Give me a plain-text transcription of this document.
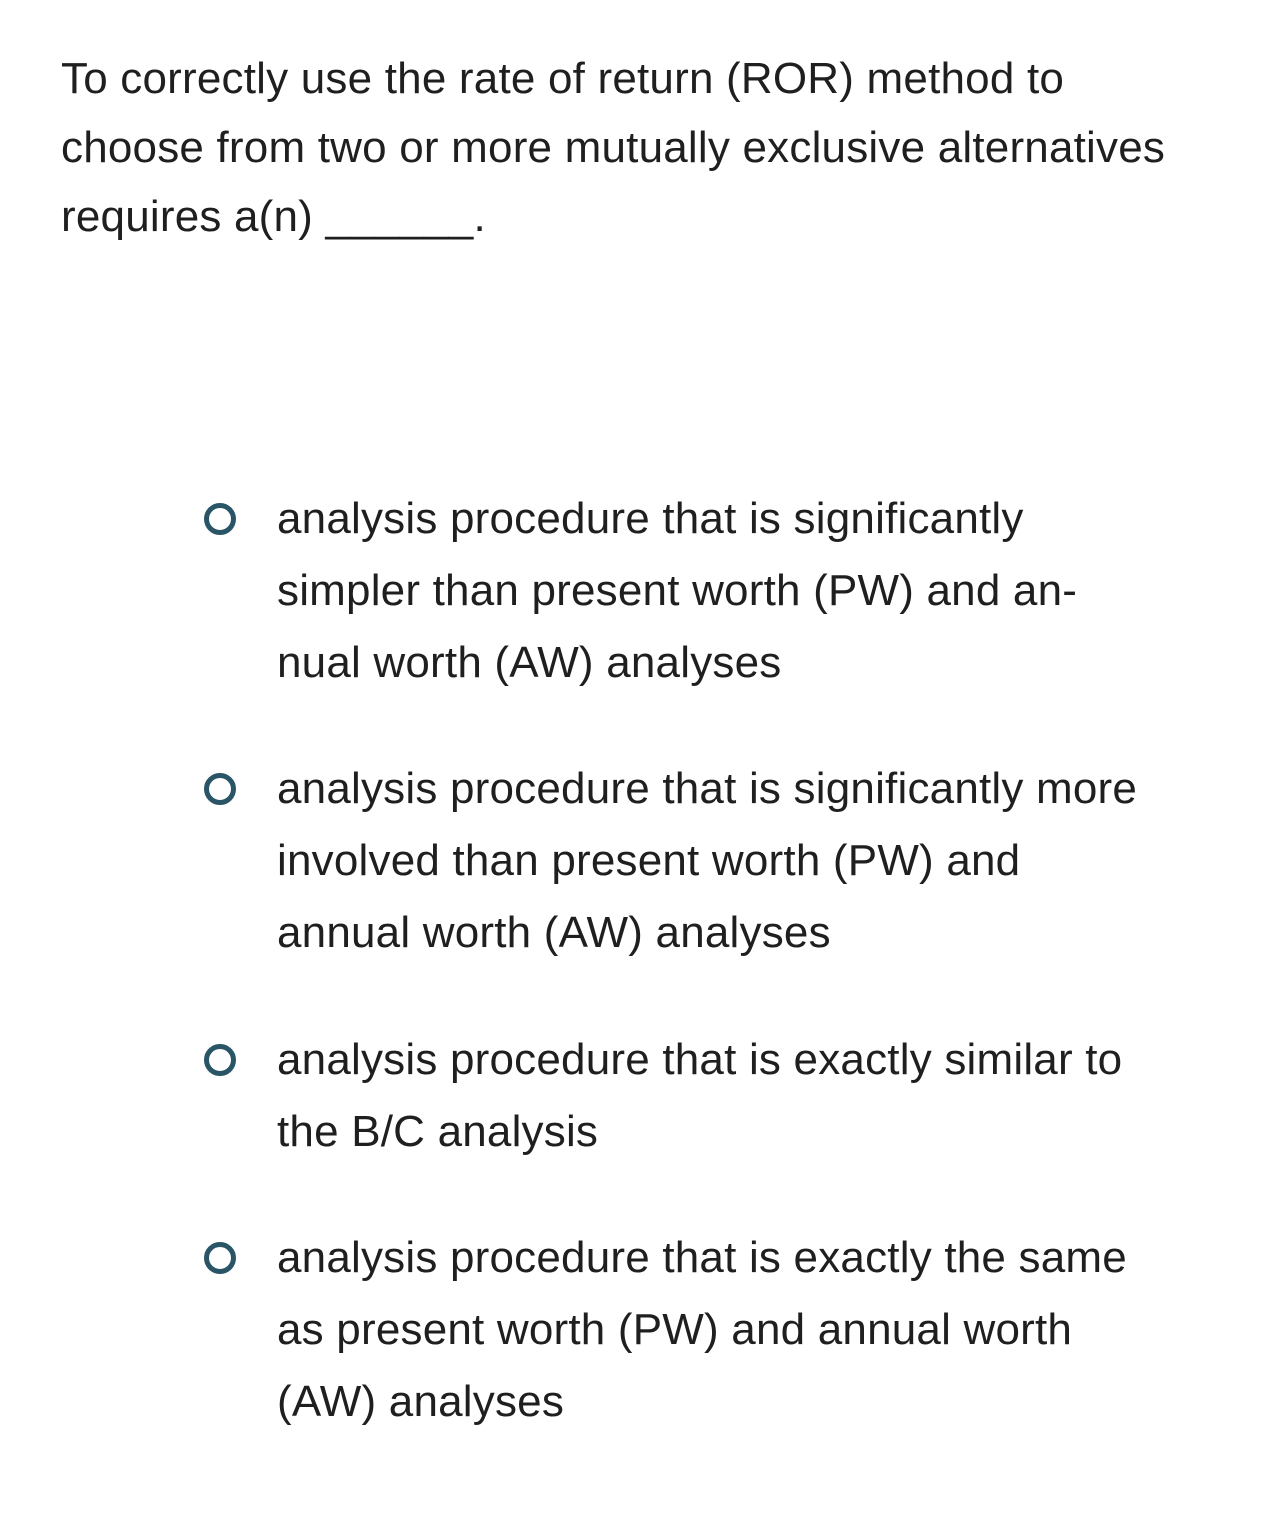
To correctly use the rate of return (ROR) method to choose from two or more mutually exclusive alternatives requires a(n) ______.

analysis procedure that is significantly simpler than present worth (PW) and an-nual worth (AW) analyses
analysis procedure that is significantly more involved than present worth (PW) and annual worth (AW) analyses
analysis procedure that is exactly similar to the B/C analysis
analysis procedure that is exactly the same as present worth (PW) and annual worth (AW) analyses
